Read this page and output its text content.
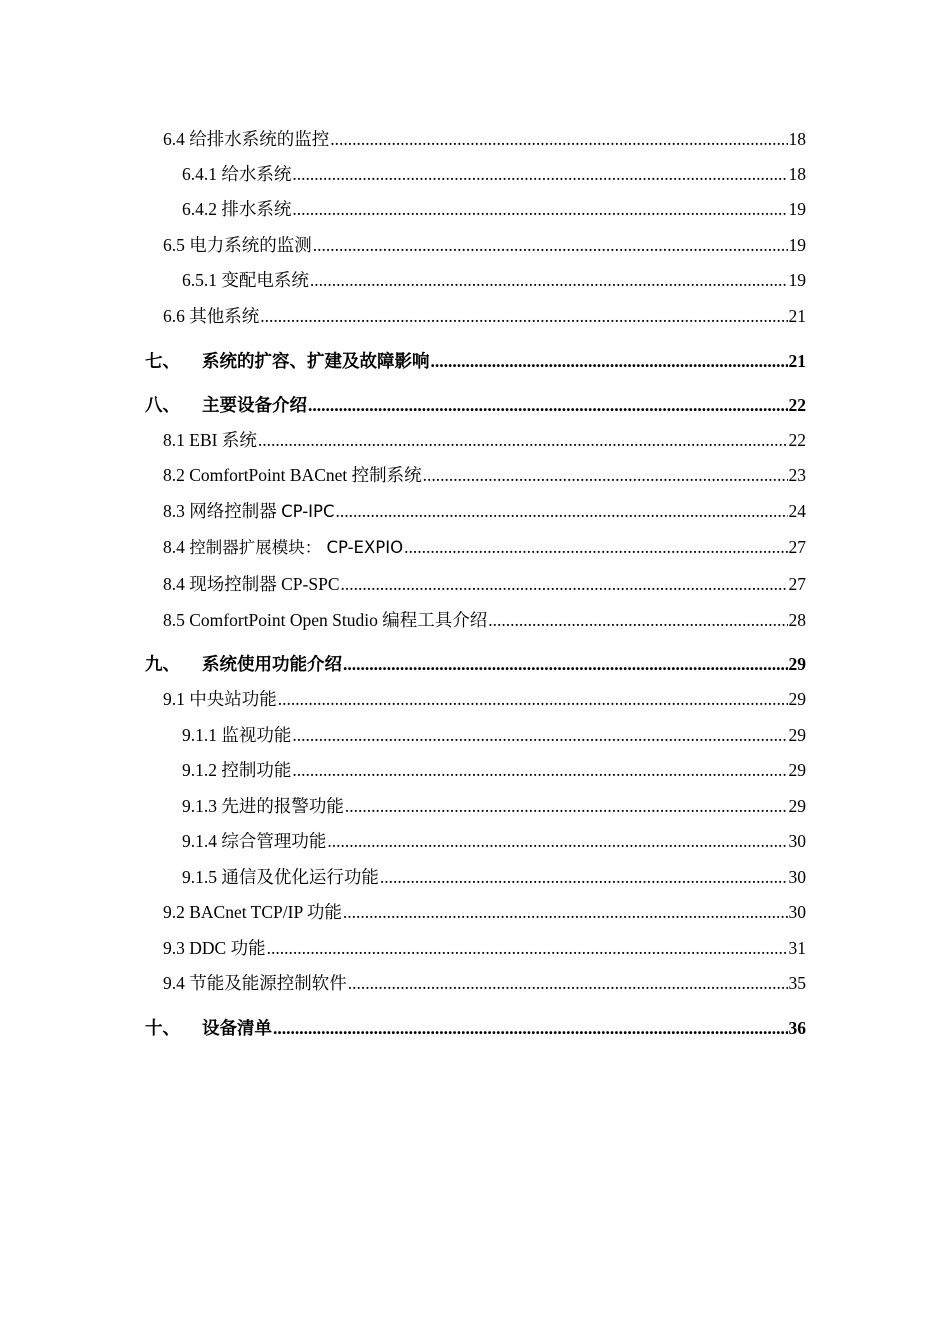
6.4 给排水系统的监控 .....	18
6.4.1 给水系统 .....	18
6.4.2 排水系统 .....	19
6.5 电力系统的监测 .....	19
6.5.1 变配电系统 .....	19
6.6 其他系统 .....	21
七、 系统的扩容、扩建及故障影响 .....	21
八、 主要设备介绍 .....	22
8.1 EBI 系统 .....	22
8.2 ComfortPoint BACnet 控制系统 .....	23
8.3 网络控制器 CP-IPC .....	24
8.4 控制器扩展模块： CP-EXPIO .....	27
8.4 现场控制器 CP-SPC .....	27
8.5 ComfortPoint Open Studio 编程工具介绍 .....	28
九、 系统使用功能介绍 .....	29
9.1 中央站功能 .....	29
9.1.1 监视功能 .....	29
9.1.2 控制功能 .....	29
9.1.3 先进的报警功能 .....	29
9.1.4 综合管理功能 .....	30
9.1.5 通信及优化运行功能 .....	30
9.2 BACnet TCP/IP 功能 .....	30
9.3 DDC 功能 .....	31
9.4 节能及能源控制软件 .....	35
十、 设备清单 .....	36
